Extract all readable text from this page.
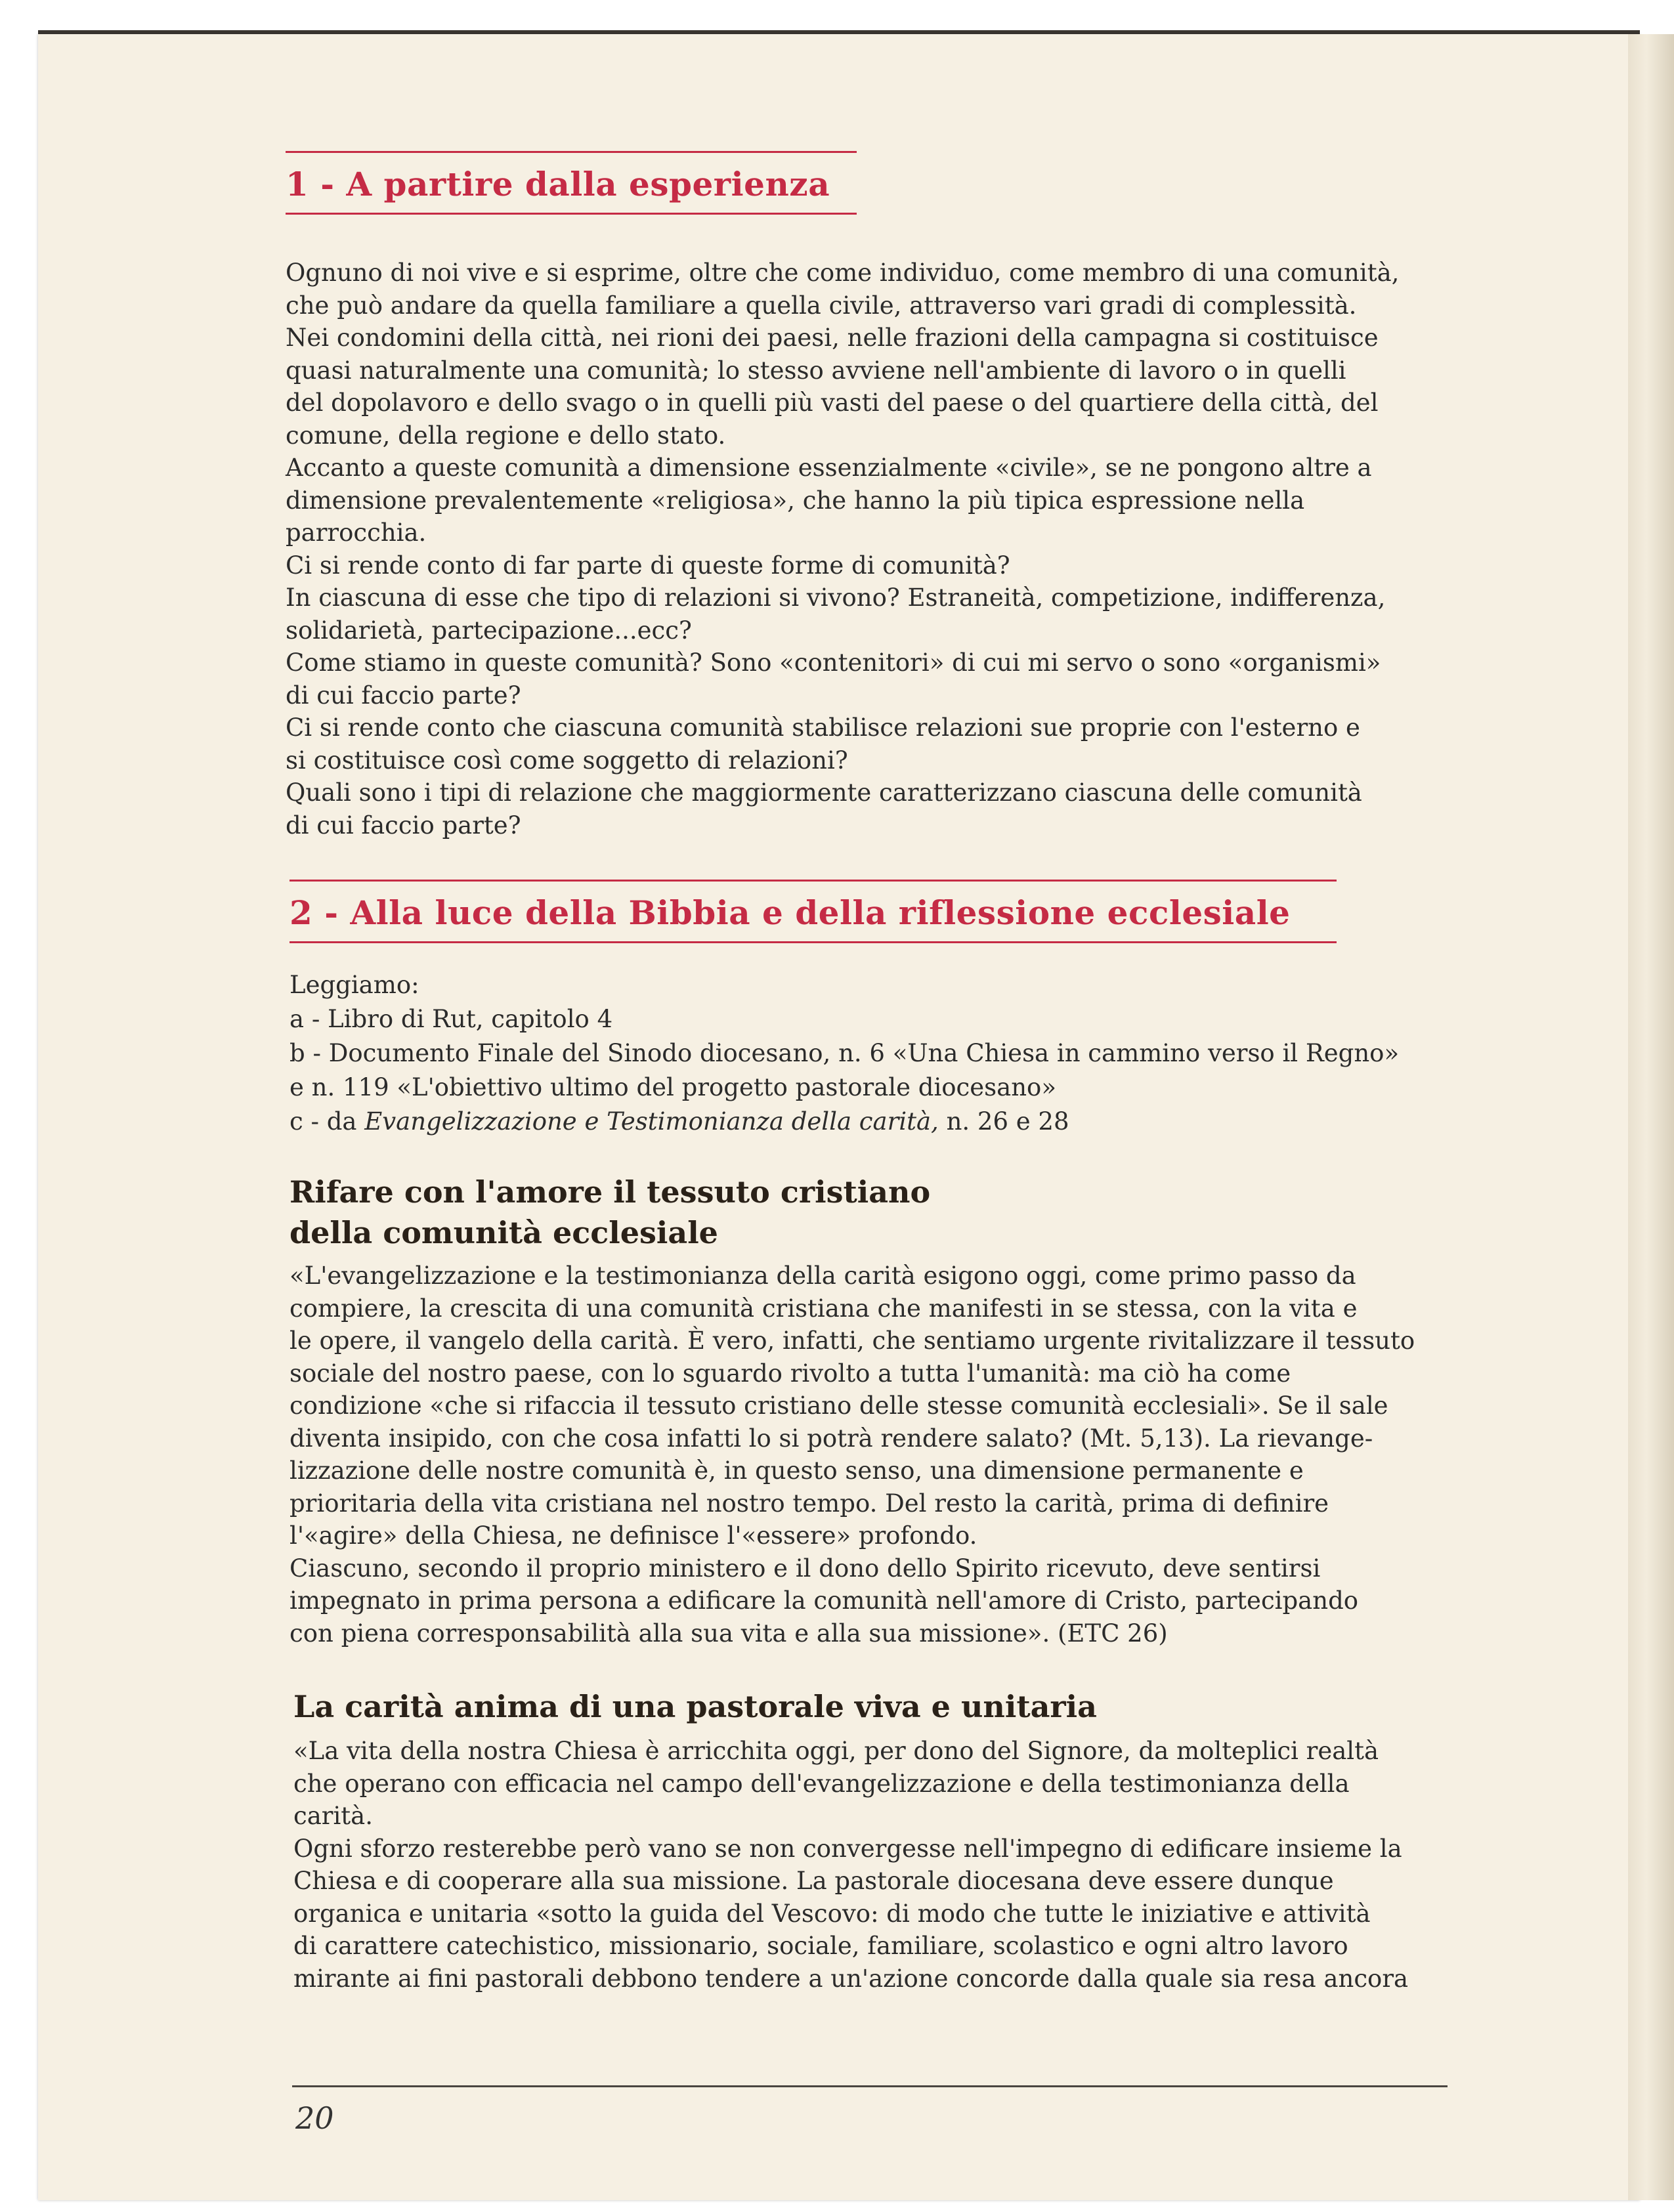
1 - A partire dalla esperienza

Ognuno di noi vive e si esprime, oltre che come individuo, come membro di una comunità,

che può andare da quella familiare a quella civile, attraverso vari gradi di complessità.

Nei condomini della città, nei rioni dei paesi, nelle frazioni della campagna si costituisce

quasi naturalmente una comunità; lo stesso avviene nell'ambiente di lavoro o in quelli

del dopolavoro e dello svago o in quelli più vasti del paese o del quartiere della città, del

comune, della regione e dello stato.

Accanto a queste comunità a dimensione essenzialmente «civile», se ne pongono altre a

dimensione prevalentemente «religiosa», che hanno la più tipica espressione nella

parrocchia.

Ci si rende conto di far parte di queste forme di comunità?

In ciascuna di esse che tipo di relazioni si vivono? Estraneità, competizione, indifferenza,

solidarietà, partecipazione...ecc?

Come stiamo in queste comunità? Sono «contenitori» di cui mi servo o sono «organismi»

di cui faccio parte?

Ci si rende conto che ciascuna comunità stabilisce relazioni sue proprie con l'esterno e

si costituisce così come soggetto di relazioni?

Quali sono i tipi di relazione che maggiormente caratterizzano ciascuna delle comunità

di cui faccio parte?

2 - Alla luce della Bibbia e della riflessione ecclesiale

Leggiamo:

a - Libro di Rut, capitolo 4

b - Documento Finale del Sinodo diocesano, n. 6 «Una Chiesa in cammino verso il Regno»

e n. 119 «L'obiettivo ultimo del progetto pastorale diocesano»

c - da Evangelizzazione e Testimonianza della carità, n. 26 e 28

Rifare con l'amore il tessuto cristiano

della comunità ecclesiale

«L'evangelizzazione e la testimonianza della carità esigono oggi, come primo passo da

compiere, la crescita di una comunità cristiana che manifesti in se stessa, con la vita e

le opere, il vangelo della carità. È vero, infatti, che sentiamo urgente rivitalizzare il tessuto

sociale del nostro paese, con lo sguardo rivolto a tutta l'umanità: ma ciò ha come

condizione «che si rifaccia il tessuto cristiano delle stesse comunità ecclesiali». Se il sale

diventa insipido, con che cosa infatti lo si potrà rendere salato? (Mt. 5,13). La rievange-

lizzazione delle nostre comunità è, in questo senso, una dimensione permanente e

prioritaria della vita cristiana nel nostro tempo. Del resto la carità, prima di definire

l'«agire» della Chiesa, ne definisce l'«essere» profondo.

Ciascuno, secondo il proprio ministero e il dono dello Spirito ricevuto, deve sentirsi

impegnato in prima persona a edificare la comunità nell'amore di Cristo, partecipando

con piena corresponsabilità alla sua vita e alla sua missione». (ETC 26)

La carità anima di una pastorale viva e unitaria

«La vita della nostra Chiesa è arricchita oggi, per dono del Signore, da molteplici realtà

che operano con efficacia nel campo dell'evangelizzazione e della testimonianza della

carità.

Ogni sforzo resterebbe però vano se non convergesse nell'impegno di edificare insieme la

Chiesa e di cooperare alla sua missione. La pastorale diocesana deve essere dunque

organica e unitaria «sotto la guida del Vescovo: di modo che tutte le iniziative e attività

di carattere catechistico, missionario, sociale, familiare, scolastico e ogni altro lavoro

mirante ai fini pastorali debbono tendere a un'azione concorde dalla quale sia resa ancora

20
